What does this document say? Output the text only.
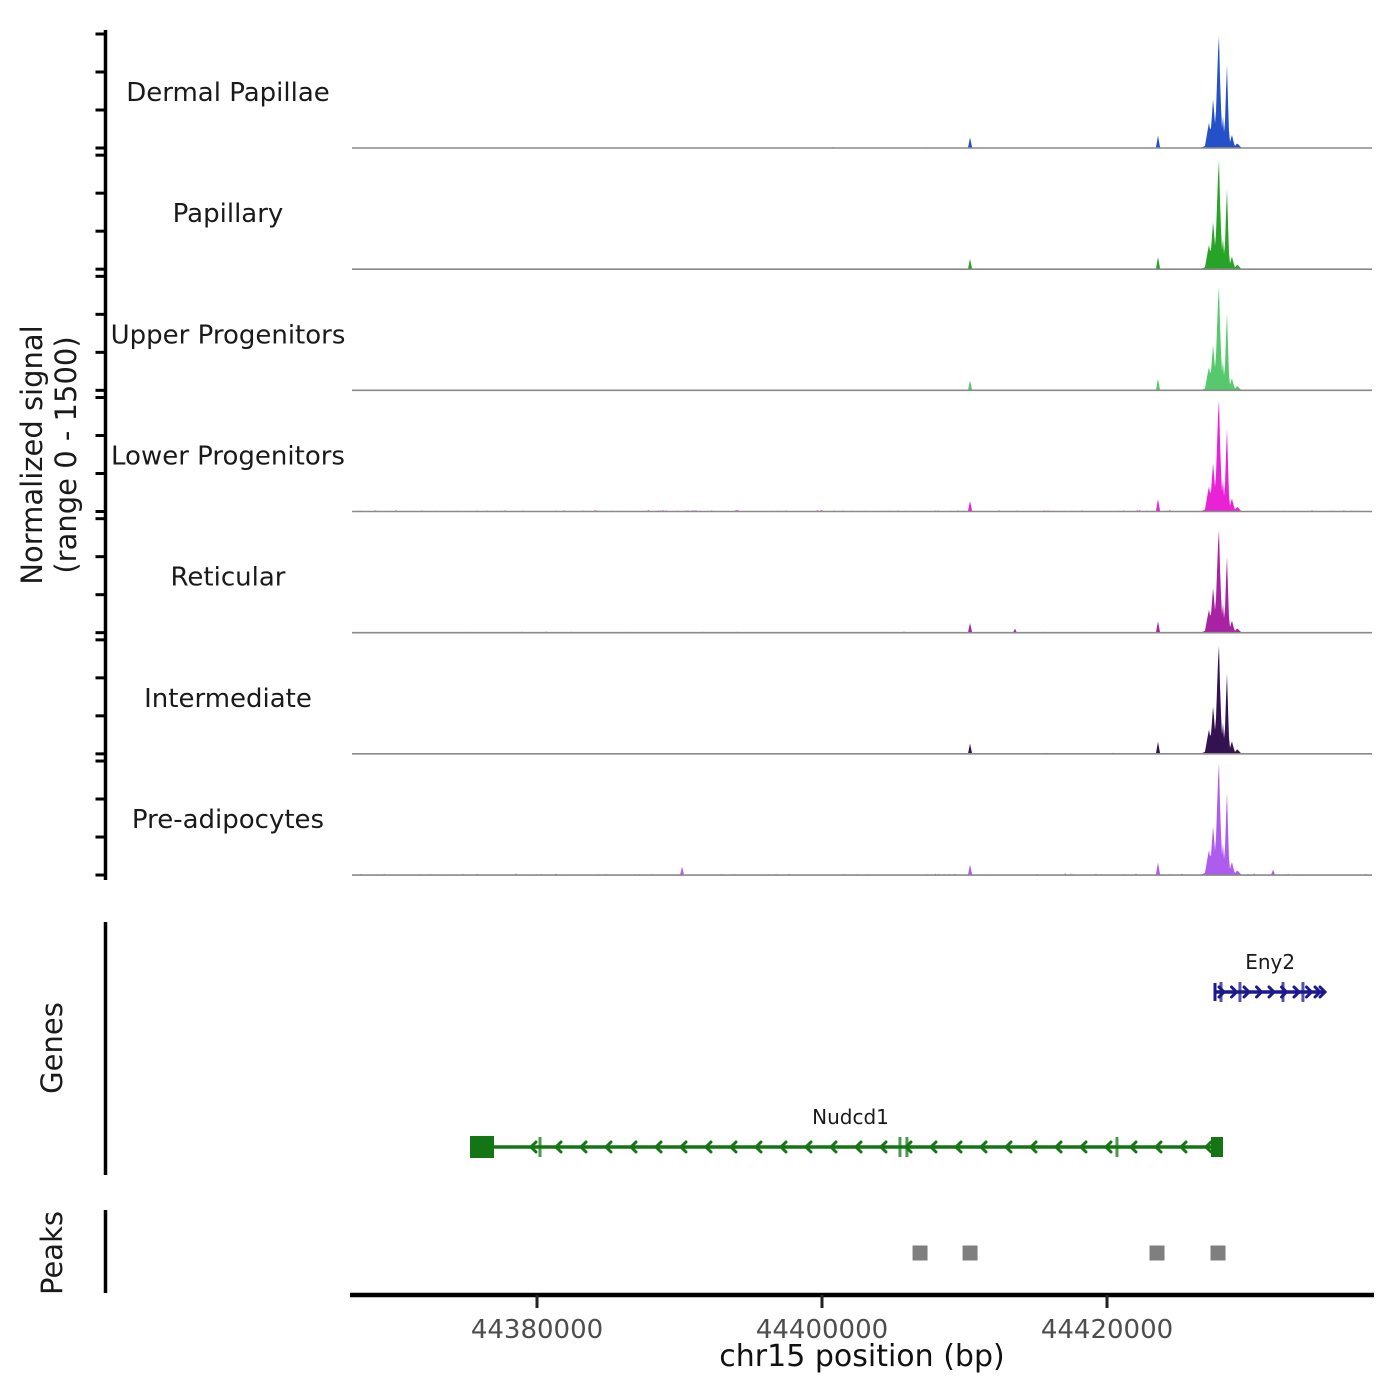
Normalized signal (range 0 - 1500)
Dermal Papillae
Papillary
Upper Progenitors
Lower Progenitors
Reticular
Intermediate
Pre-adipocytes
Genes
Peaks
Eny2
Nudcd1
44380000	44400000	44420000
chr15 position (bp)
